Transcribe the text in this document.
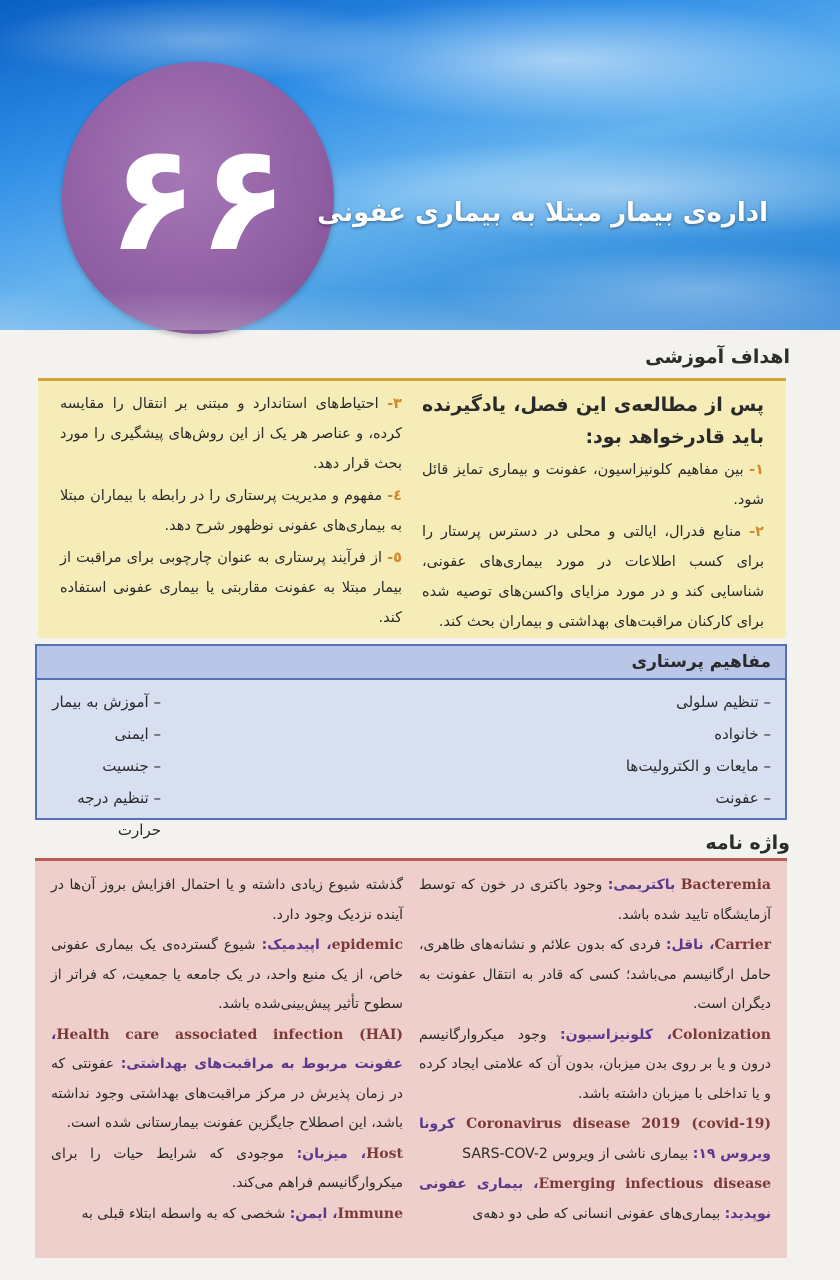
۶۶ اداره‌ی بیمار مبتلا به بیماری عفونی
اهداف آموزشی
پس از مطالعه‌ی این فصل، یادگیرنده باید قادرخواهد بود:
۱- بین مفاهیم کلونیزاسیون، عفونت و بیماری تمایز قائل شود.
۲- منابع فدرال، ایالتی و محلی در دسترس پرستار را برای کسب اطلاعات در مورد بیماری‌های عفونی، شناسایی کند و در مورد مزایای واکسن‌های توصیه شده برای کارکنان مراقبت‌های بهداشتی و بیماران بحث کند.
۳- احتیاط‌های استاندارد و مبتنی بر انتقال را مقایسه کرده، و عناصر هر یک از این روش‌های پیشگیری را مورد بحث قرار دهد.
٤- مفهوم و مدیریت پرستاری را در رابطه با بیماران مبتلا به بیماری‌های عفونی نوظهور شرح دهد.
٥- از فرآیند پرستاری به عنوان چارچوبی برای مراقبت از بیمار مبتلا به عفونت مقاربتی یا بیماری عفونی استفاده کند.
مفاهیم پرستاری
– تنظیم سلولی
– خانواده
– مایعات و الکترولیت‌ها
– عفونت
– آموزش به بیمار
– ایمنی
– جنسیت
– تنظیم درجه حرارت
واژه نامه
Bacteremia باکتریمی: وجود باکتری در خون که توسط آزمایشگاه تایید شده باشد.
Carrier، ناقل: فردی که بدون علائم و نشانه‌های ظاهری، حامل ارگانیسم می‌باشد؛ کسی که قادر به انتقال عفونت به دیگران است.
Colonization، کلونیزاسیون: وجود میکروارگانیسم درون و یا بر روی بدن میزبان، بدون آن که علامتی ایجاد کرده و یا تداخلی با میزبان داشته باشد.
Coronavirus disease 2019 (covid-19) کرونا ویروس ۱۹: بیماری ناشی از ویروس SARS-COV-2
Emerging infectious disease، بیماری عفونی نوپدید: بیماری‌های عفونی انسانی که طی دو دهه‌ی
گذشته شیوع زیادی داشته و یا احتمال افزایش بروز آن‌ها در آینده نزدیک وجود دارد.
epidemic، اپیدمیک: شیوع گسترده‌ی یک بیماری عفونی خاص، از یک منبع واحد، در یک جامعه یا جمعیت، که فراتر از سطوح تأثیر پیش‌بینی‌شده باشد.
Health care associated infection (HAI)، عفونت مربوط به مراقبت‌های بهداشتی: عفونتی که در زمان پذیرش در مرکز مراقبت‌های بهداشتی وجود نداشته باشد، این اصطلاح جایگزین عفونت بیمارستانی شده است.
Host، میزبان: موجودی که شرایط حیات را برای میکروارگانیسم فراهم می‌کند.
Immune، ایمن: شخصی که به واسطه ابتلاء قبلی به
